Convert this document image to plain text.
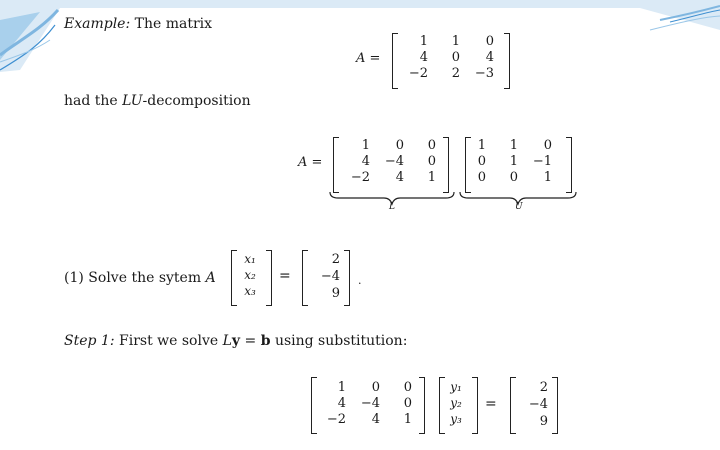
Example: The matrix
A =
1	1	0
4	0	4
−2	2	−3
had the LU-decomposition
A =
1	0	0
4	−4	0
−2	4	1
1	1	0
0	1	−1
0	0	1
L	U
(1) Solve the sytem A
x₁
x₂
x₃
=
2
−4
9
.
Step 1: First we solve Ly = b using substitution:
1	0	0
4	−4	0
−2	4	1
y₁
y₂
y₃
=
2
−4
9
